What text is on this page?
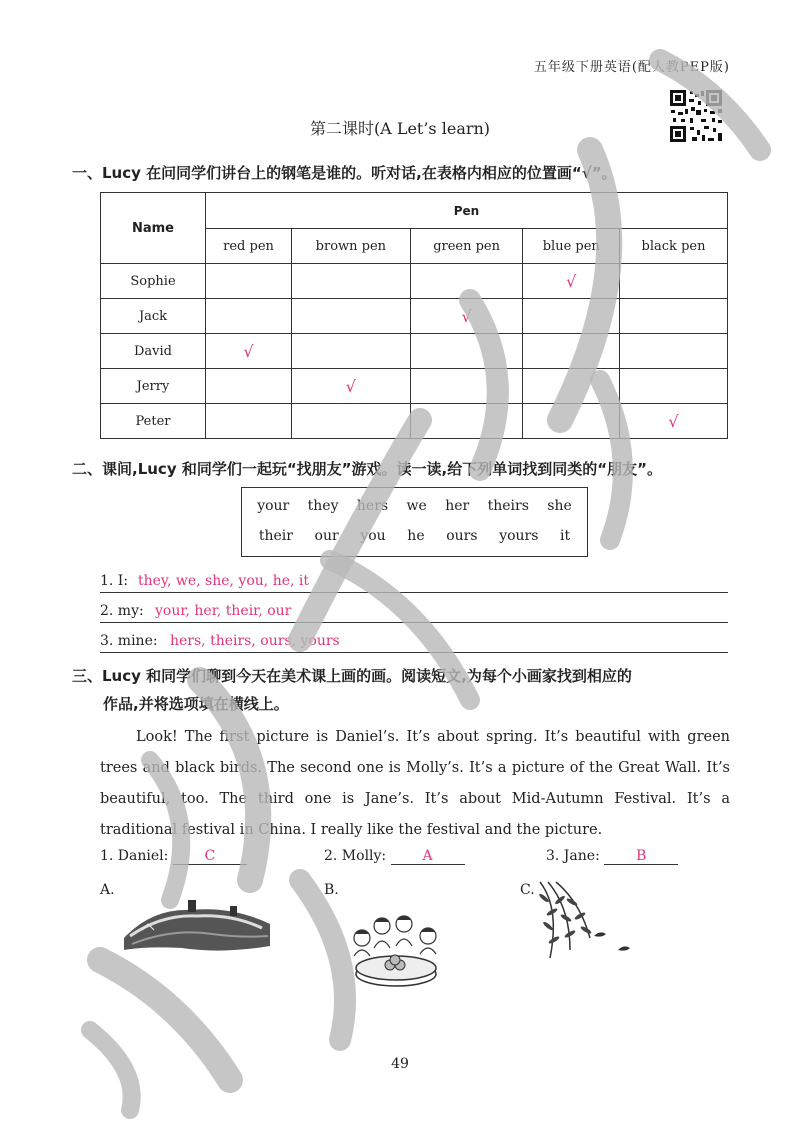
五年级下册英语(配人教PEP版)
第二课时(A Let’s learn)
一、Lucy 在问同学们讲台上的钢笔是谁的。听对话,在表格内相应的位置画“√”。
Name	Pen				
	red pen	brown pen	green pen	blue pen	black pen
Sophie				√	
Jack			√		
David	√				
Jerry		√			
Peter					√
二、课间,Lucy 和同学们一起玩“找朋友”游戏。读一读,给下列单词找到同类的“朋友”。
your they hers we her theirs she
their our you he ours yours it
1. I: they, we, she, you, he, it
2. my: your, her, their, our
3. mine: hers, theirs, ours, yours
三、Lucy 和同学们聊到今天在美术课上画的画。阅读短文,为每个小画家找到相应的
作品,并将选项填在横线上。

Look! The first picture is Daniel’s. It’s about spring. It’s beautiful with green trees and black birds. The second one is Molly’s. It’s a picture of the Great Wall. It’s beautiful, too. The third one is Jane’s. It’s about Mid-Autumn Festival. It’s a traditional festival in China. I really like the festival and the picture.

1. Daniel:	C	2. Molly:	A	3. Jane:	B
A.	B.	C.
49
